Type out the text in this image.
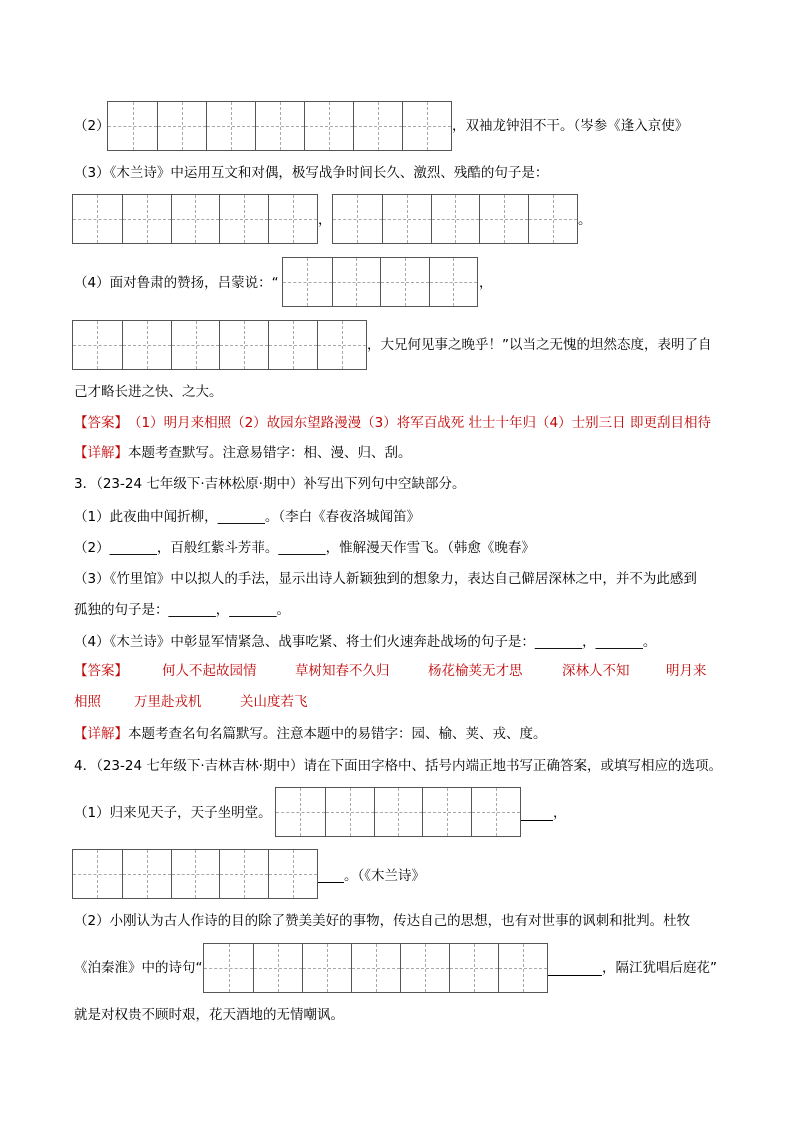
（2）	，双袖龙钟泪不干。（岑参《逢入京使》
（3）《木兰诗》中运用互文和对偶，极写战争时间长久、激烈、残酷的句子是：
，	。
（4）面对鲁肃的赞扬，吕蒙说：“	，
，大兄何见事之晚乎！”以当之无愧的坦然态度，表明了自
己才略长进之快、之大。
【答案】 （1）明月来相照（2）故园东望路漫漫（3）将军百战死 壮士十年归（4）士别三日 即更刮目相待
【详解】 本题考查默写。注意易错字：相、漫、归、刮。
3．（23-24 七年级下·吉林松原·期中）补写出下列句中空缺部分。
（1）此夜曲中闻折柳，_______。（李白《春夜洛城闻笛》
（2）_______，百般红紫斗芳菲。_______，惟解漫天作雪飞。（韩愈《晚春》
（3）《竹里馆》中以拟人的手法，显示出诗人新颖独到的想象力，表达自己僻居深林之中，并不为此感到
孤独的句子是：_______，_______。
（4）《木兰诗》中彰显军情紧急、战事吃紧、将士们火速奔赴战场的句子是：_______，_______。
【答案】	何人不起故园情	草树知春不久归	杨花榆荚无才思	深林人不知	明月来
相照 万里赴戎机	关山度若飞
【详解】 本题考查名句名篇默写。注意本题中的易错字：园、榆、荚、戎、度。
4．（23-24 七年级下·吉林吉林·期中）请在下面田字格中、括号内端正地书写正确答案，或填写相应的选项。
（1）归来见天子，天子坐明堂。	，
。（《木兰诗》
（2）小刚认为古人作诗的目的除了赞美美好的事物，传达自己的思想，也有对世事的讽刺和批判。杜牧
《泊秦淮》中的诗句“	，隔江犹唱后庭花”
就是对权贵不顾时艰，花天酒地的无情嘲讽。
